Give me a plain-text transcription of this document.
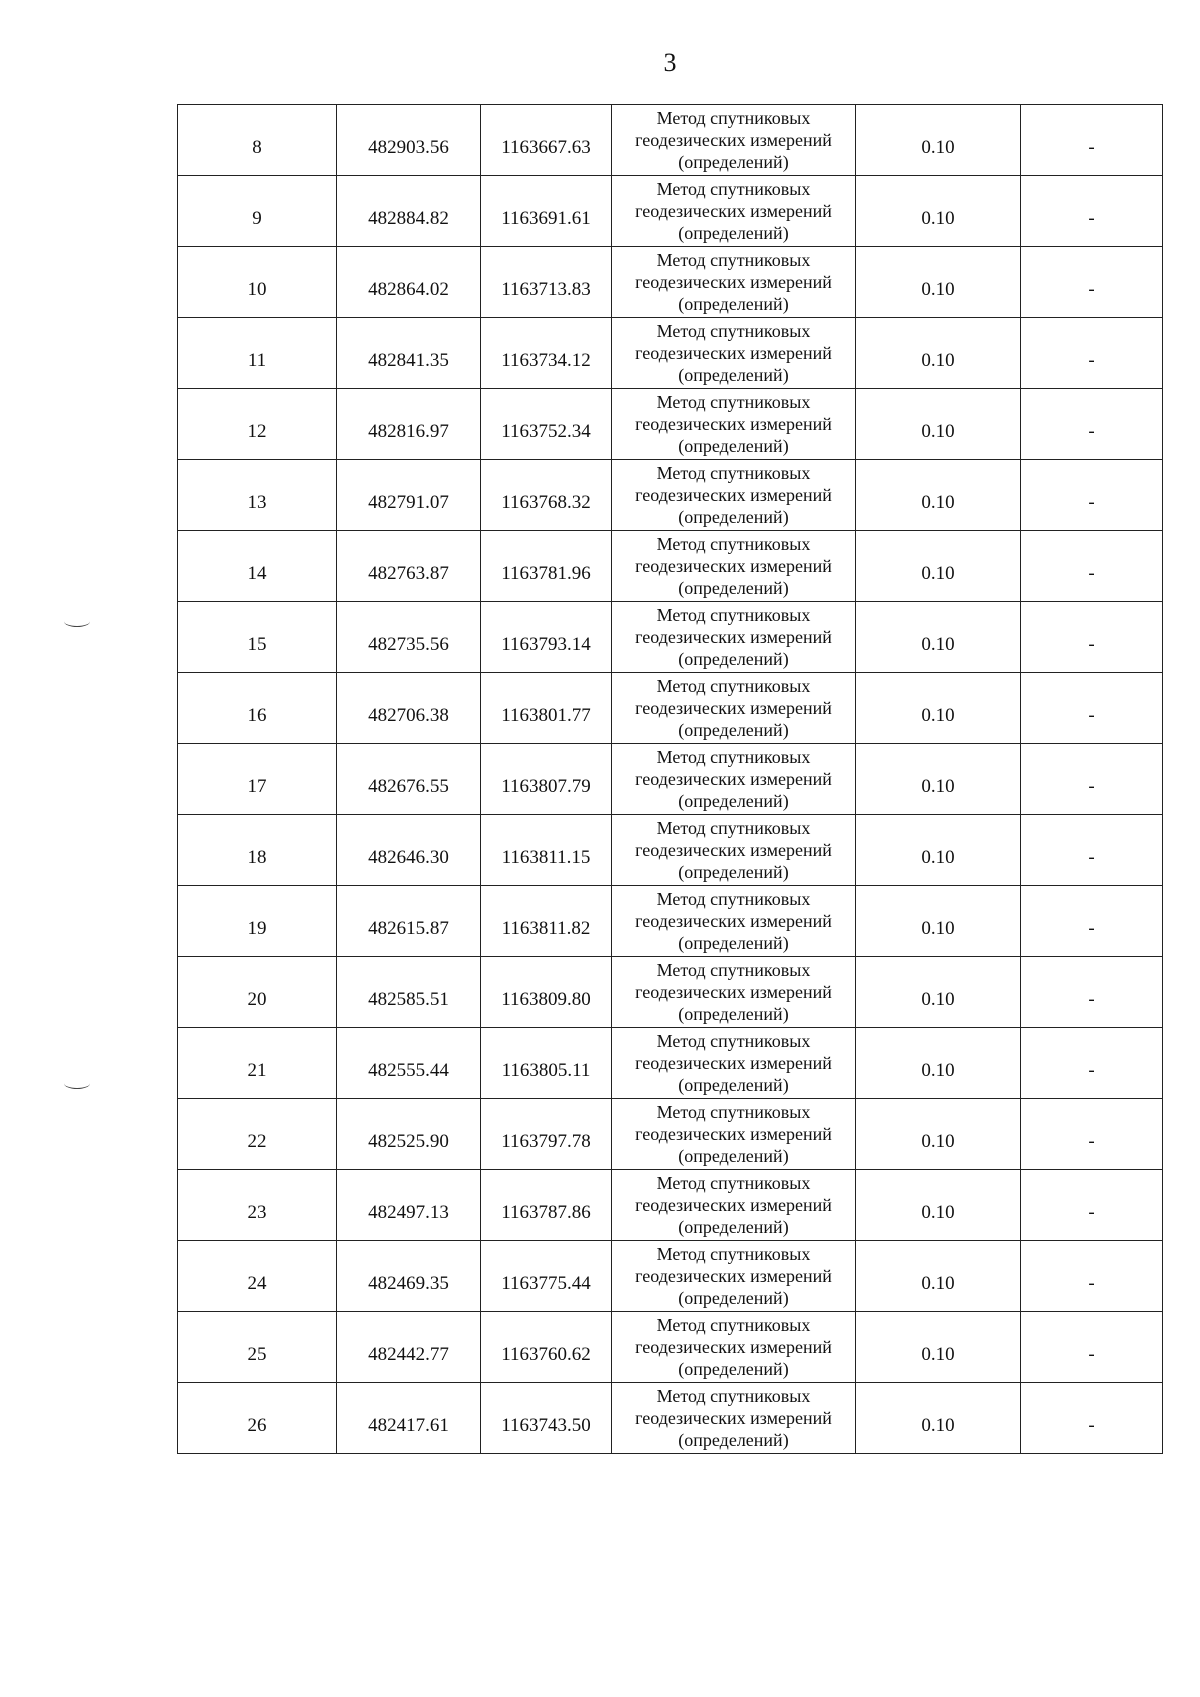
3
8	482903.56	1163667.63	Метод спутниковых
геодезических измерений
(определений)	0.10	-
9	482884.82	1163691.61	Метод спутниковых
геодезических измерений
(определений)	0.10	-
10	482864.02	1163713.83	Метод спутниковых
геодезических измерений
(определений)	0.10	-
11	482841.35	1163734.12	Метод спутниковых
геодезических измерений
(определений)	0.10	-
12	482816.97	1163752.34	Метод спутниковых
геодезических измерений
(определений)	0.10	-
13	482791.07	1163768.32	Метод спутниковых
геодезических измерений
(определений)	0.10	-
14	482763.87	1163781.96	Метод спутниковых
геодезических измерений
(определений)	0.10	-
15	482735.56	1163793.14	Метод спутниковых
геодезических измерений
(определений)	0.10	-
16	482706.38	1163801.77	Метод спутниковых
геодезических измерений
(определений)	0.10	-
17	482676.55	1163807.79	Метод спутниковых
геодезических измерений
(определений)	0.10	-
18	482646.30	1163811.15	Метод спутниковых
геодезических измерений
(определений)	0.10	-
19	482615.87	1163811.82	Метод спутниковых
геодезических измерений
(определений)	0.10	-
20	482585.51	1163809.80	Метод спутниковых
геодезических измерений
(определений)	0.10	-
21	482555.44	1163805.11	Метод спутниковых
геодезических измерений
(определений)	0.10	-
22	482525.90	1163797.78	Метод спутниковых
геодезических измерений
(определений)	0.10	-
23	482497.13	1163787.86	Метод спутниковых
геодезических измерений
(определений)	0.10	-
24	482469.35	1163775.44	Метод спутниковых
геодезических измерений
(определений)	0.10	-
25	482442.77	1163760.62	Метод спутниковых
геодезических измерений
(определений)	0.10	-
26	482417.61	1163743.50	Метод спутниковых
геодезических измерений
(определений)	0.10	-
